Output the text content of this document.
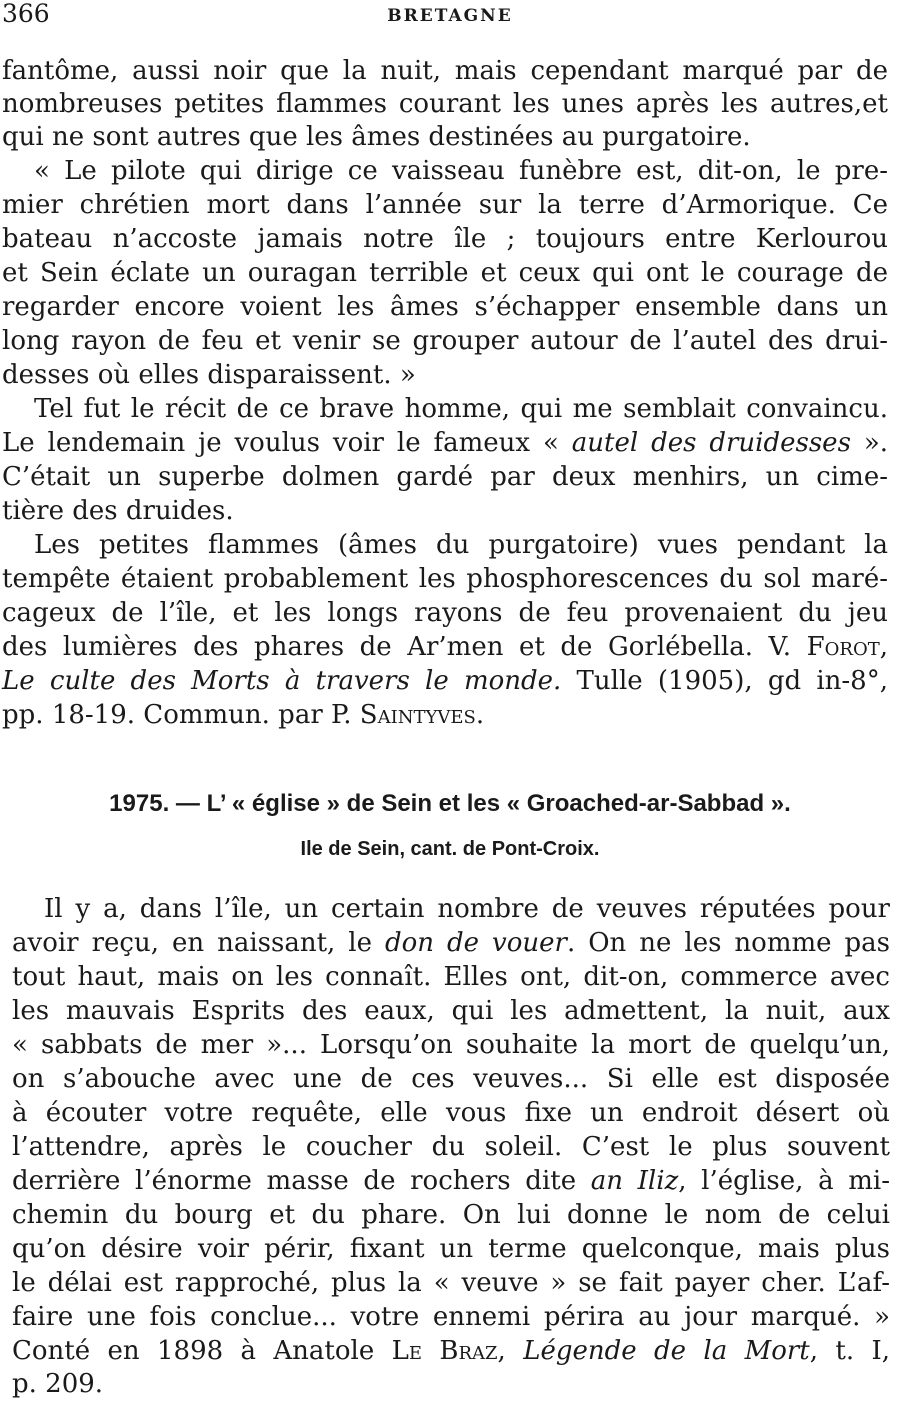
366	BRETAGNE
fantôme, aussi noir que la nuit, mais cependant marqué par de
nombreuses petites flammes courant les unes après les autres,et
qui ne sont autres que les âmes destinées au purgatoire.
« Le pilote qui dirige ce vaisseau funèbre est, dit-on, le pre-
mier chrétien mort dans l’année sur la terre d’Armorique. Ce
bateau n’accoste jamais notre île ; toujours entre Kerlourou
et Sein éclate un ouragan terrible et ceux qui ont le courage de
regarder encore voient les âmes s’échapper ensemble dans un
long rayon de feu et venir se grouper autour de l’autel des drui-
desses où elles disparaissent. »
Tel fut le récit de ce brave homme, qui me semblait convaincu.
Le lendemain je voulus voir le fameux « autel des druidesses ».
C’était un superbe dolmen gardé par deux menhirs, un cime-
tière des druides.
Les petites flammes (âmes du purgatoire) vues pendant la
tempête étaient probablement les phosphorescences du sol maré-
cageux de l’île, et les longs rayons de feu provenaient du jeu
des lumières des phares de Ar’men et de Gorlébella. V. Forot,
Le culte des Morts à travers le monde. Tulle (1905), gd in-8°,
pp. 18-19. Commun. par P. Saintyves.
1975. — L’ « église » de Sein et les « Groached-ar-Sabbad ».
Ile de Sein, cant. de Pont-Croix.
Il y a, dans l’île, un certain nombre de veuves réputées pour
avoir reçu, en naissant, le don de vouer. On ne les nomme pas
tout haut, mais on les connaît. Elles ont, dit-on, commerce avec
les mauvais Esprits des eaux, qui les admettent, la nuit, aux
« sabbats de mer »... Lorsqu’on souhaite la mort de quelqu’un,
on s’abouche avec une de ces veuves... Si elle est disposée
à écouter votre requête, elle vous fixe un endroit désert où
l’attendre, après le coucher du soleil. C’est le plus souvent
derrière l’énorme masse de rochers dite an Iliz, l’église, à mi-
chemin du bourg et du phare. On lui donne le nom de celui
qu’on désire voir périr, fixant un terme quelconque, mais plus
le délai est rapproché, plus la « veuve » se fait payer cher. L’af-
faire une fois conclue... votre ennemi périra au jour marqué. »
Conté en 1898 à Anatole Le Braz, Légende de la Mort, t. I,
p. 209.
